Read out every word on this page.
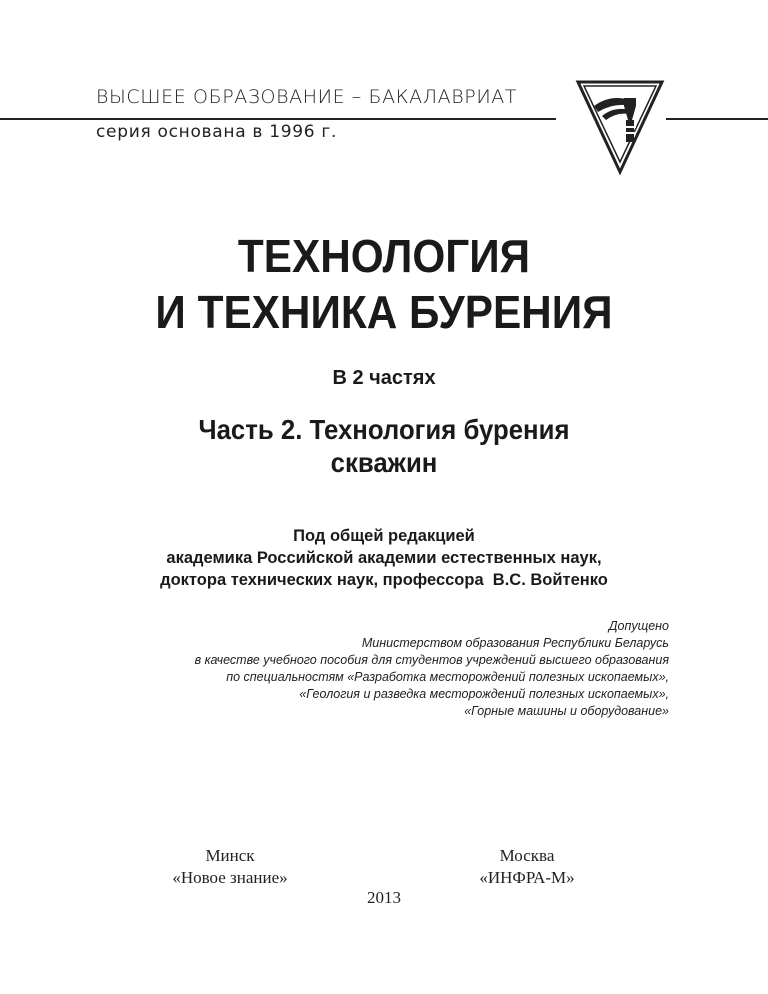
ВЫСШЕЕ ОБРАЗОВАНИЕ – БАКАЛАВРИАТ
серия основана в 1996 г.
ТЕХНОЛОГИЯ
И ТЕХНИКА БУРЕНИЯ
В 2 частях
Часть 2. Технология бурения
скважин
Под общей редакцией
академика Российской академии естественных наук,
доктора технических наук, профессора  В.С. Войтенко
Допущено
Министерством образования Республики Беларусь
в качестве учебного пособия для студентов учреждений высшего образования
по специальностям «Разработка месторождений полезных ископаемых»,
«Геология и разведка месторождений полезных ископаемых»,
«Горные машины и оборудование»
Минск
«Новое знание»
Москва
«ИНФРА-М»
2013
